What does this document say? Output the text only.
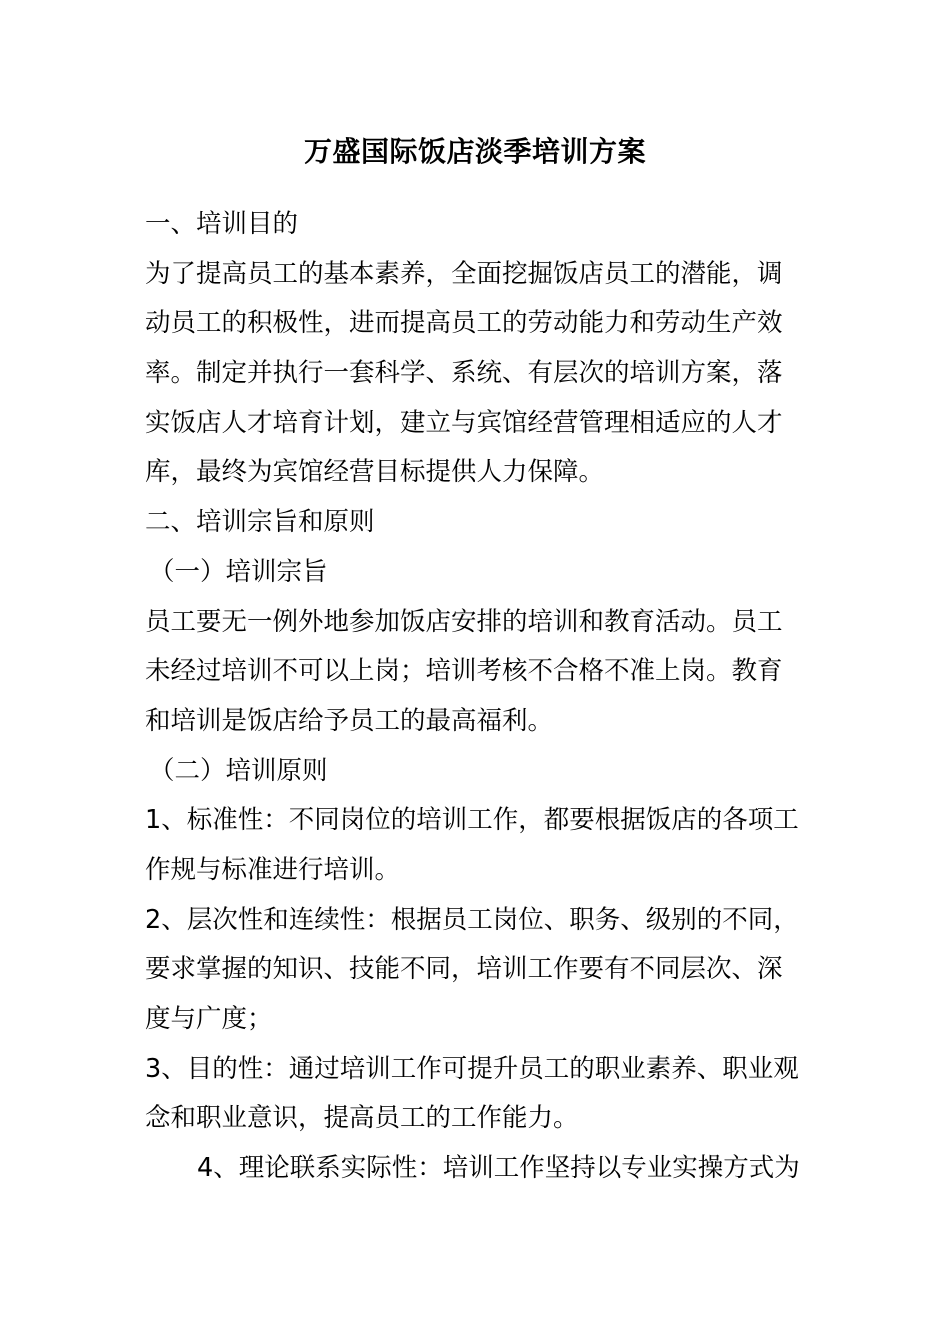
万盛国际饭店淡季培训方案
一、培训目的
为了提高员工的基本素养，全面挖掘饭店员工的潜能，调
动员工的积极性，进而提高员工的劳动能力和劳动生产效
率。制定并执行一套科学、系统、有层次的培训方案，落
实饭店人才培育计划，建立与宾馆经营管理相适应的人才
库，最终为宾馆经营目标提供人力保障。
二、培训宗旨和原则
（一）培训宗旨
员工要无一例外地参加饭店安排的培训和教育活动。员工
未经过培训不可以上岗；培训考核不合格不准上岗。教育
和培训是饭店给予员工的最高福利。
（二）培训原则
1、标准性：不同岗位的培训工作，都要根据饭店的各项工
作规与标准进行培训。
2、层次性和连续性：根据员工岗位、职务、级别的不同，
要求掌握的知识、技能不同，培训工作要有不同层次、深
度与广度；
3、目的性：通过培训工作可提升员工的职业素养、职业观
念和职业意识，提高员工的工作能力。
4、理论联系实际性：培训工作坚持以专业实操方式为
